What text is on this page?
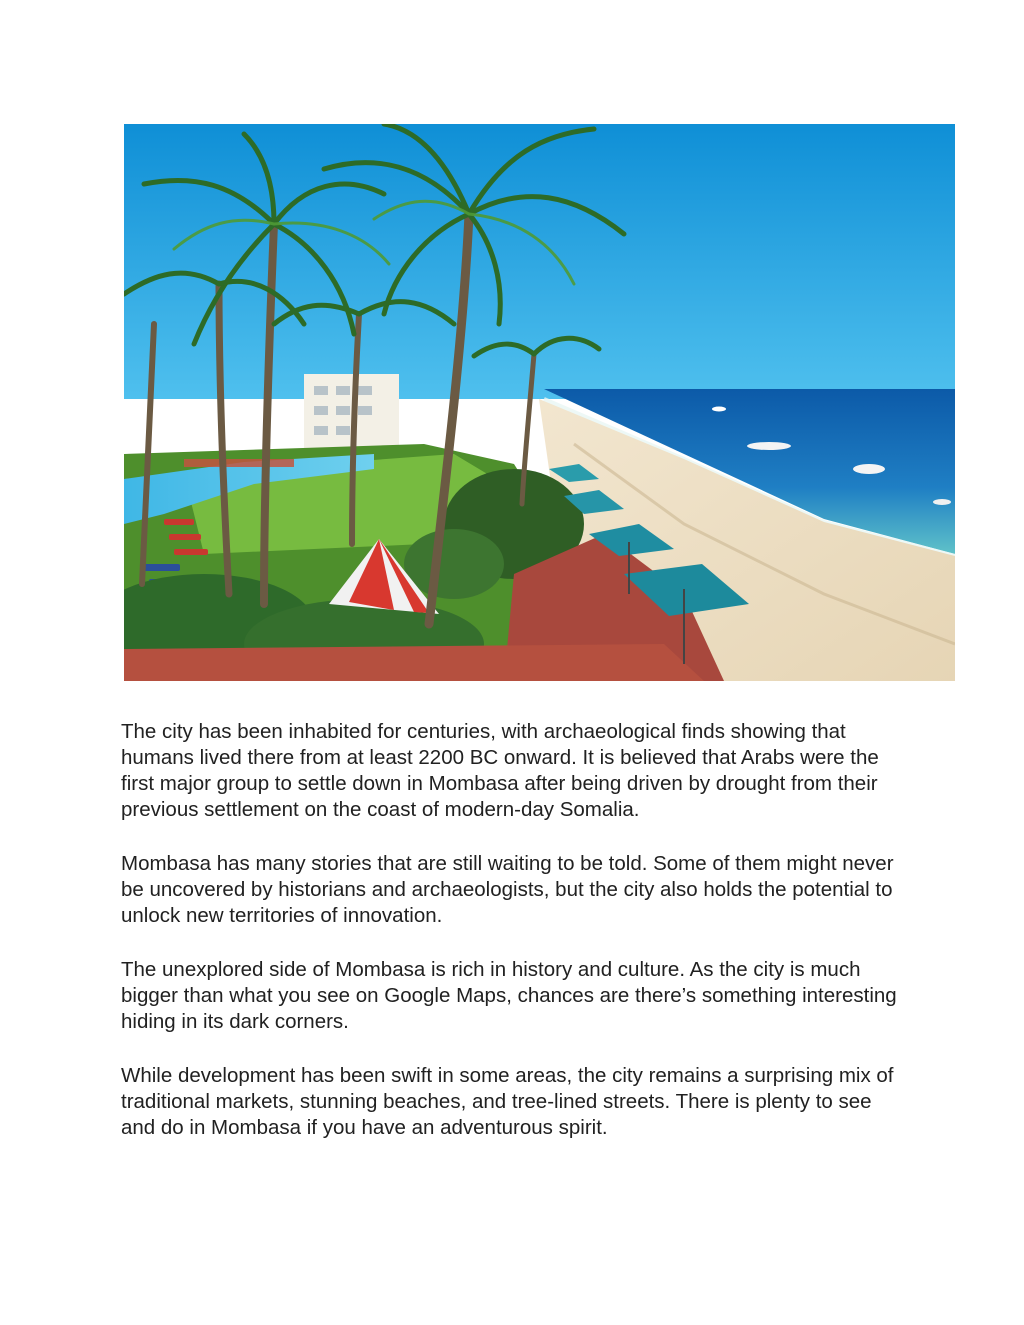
The city has been inhabited for centuries, with archaeological finds showing that humans lived there from at least 2200 BC onward. It is believed that Arabs were the first major group to settle down in Mombasa after being driven by drought from their previous settlement on the coast of modern-day Somalia.

Mombasa has many stories that are still waiting to be told. Some of them might never be uncovered by historians and archaeologists, but the city also holds the potential to unlock new territories of innovation.

The unexplored side of Mombasa is rich in history and culture. As the city is much bigger than what you see on Google Maps, chances are there’s something interesting hiding in its dark corners.

While development has been swift in some areas, the city remains a surprising mix of traditional markets, stunning beaches, and tree-lined streets. There is plenty to see and do in Mombasa if you have an adventurous spirit.
